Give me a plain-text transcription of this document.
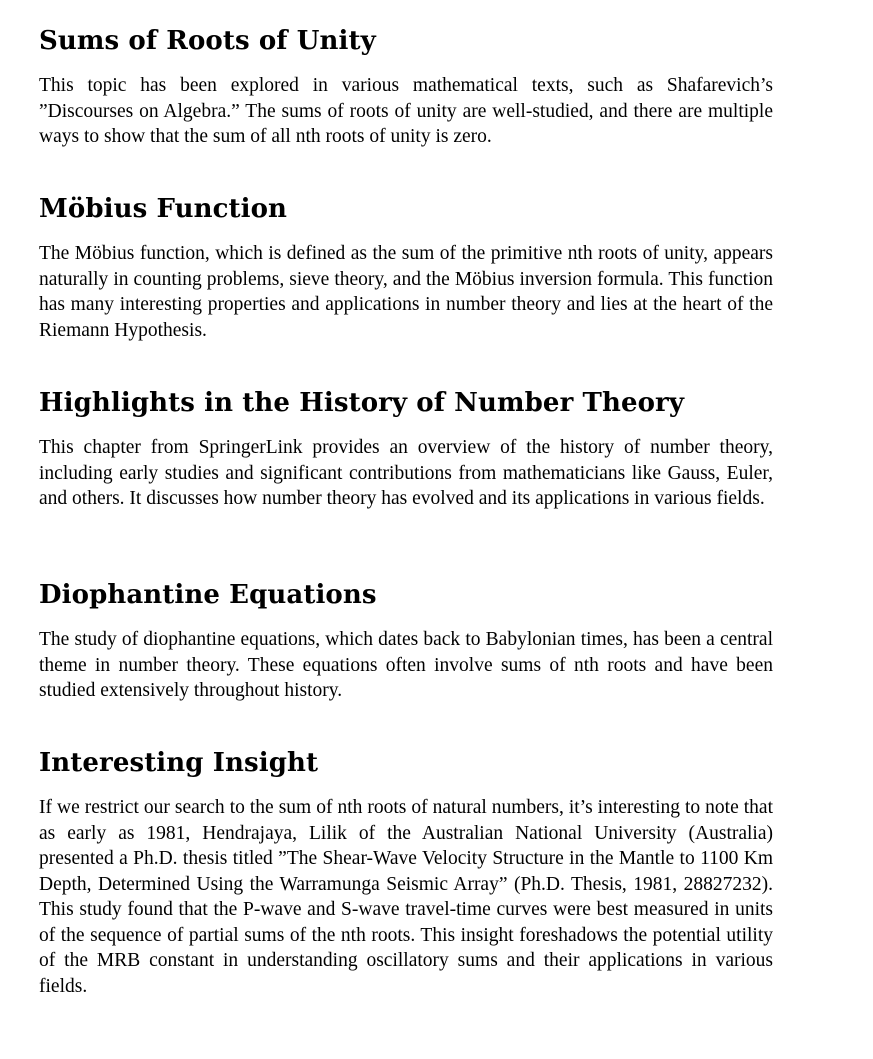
Sums of Roots of Unity

This topic has been explored in various mathematical texts, such as Shafarevich’s ”Discourses on Algebra.” The sums of roots of unity are well-studied, and there are multiple ways to show that the sum of all nth roots of unity is zero.

Möbius Function

The Möbius function, which is defined as the sum of the primitive nth roots of unity, appears naturally in counting problems, sieve theory, and the Möbius inversion formula. This function has many interesting properties and applications in number theory and lies at the heart of the Riemann Hypothesis.

Highlights in the History of Number Theory

This chapter from SpringerLink provides an overview of the history of number theory, including early studies and significant contributions from mathematicians like Gauss, Euler, and others. It discusses how number theory has evolved and its applications in various fields.

Diophantine Equations

The study of diophantine equations, which dates back to Babylonian times, has been a central theme in number theory. These equations often involve sums of nth roots and have been studied extensively throughout history.

Interesting Insight

If we restrict our search to the sum of nth roots of natural numbers, it’s interesting to note that as early as 1981, Hendrajaya, Lilik of the Australian National University (Australia) presented a Ph.D. thesis titled ”The Shear-Wave Velocity Structure in the Mantle to 1100 Km Depth, Determined Using the Warramunga Seismic Array” (Ph.D. Thesis, 1981, 28827232). This study found that the P-wave and S-wave travel-time curves were best measured in units of the sequence of partial sums of the nth roots. This insight foreshadows the potential utility of the MRB constant in understanding oscillatory sums and their applications in various fields.
